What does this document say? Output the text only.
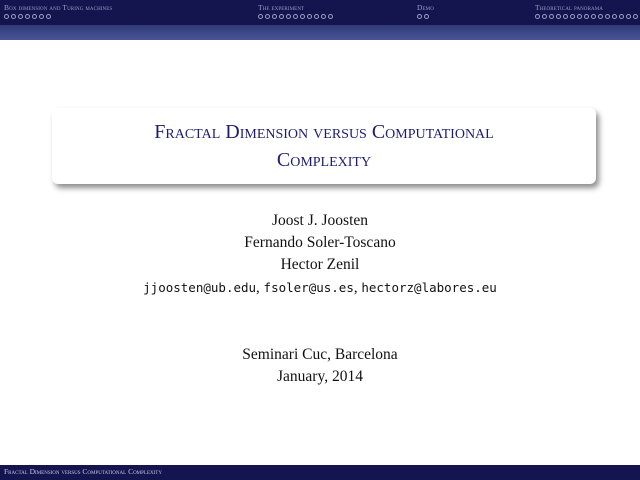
Box dimension and Turing machines	The experiment	Demo	Theoretical panorama
Fractal Dimension versus Computational
Complexity
Joost J. Joosten
Fernando Soler-Toscano
Hector Zenil
jjoosten@ub.edu, fsoler@us.es, hectorz@labores.eu
Seminari Cuc, Barcelona
January, 2014
Fractal Dimension versus Computational Complexity
